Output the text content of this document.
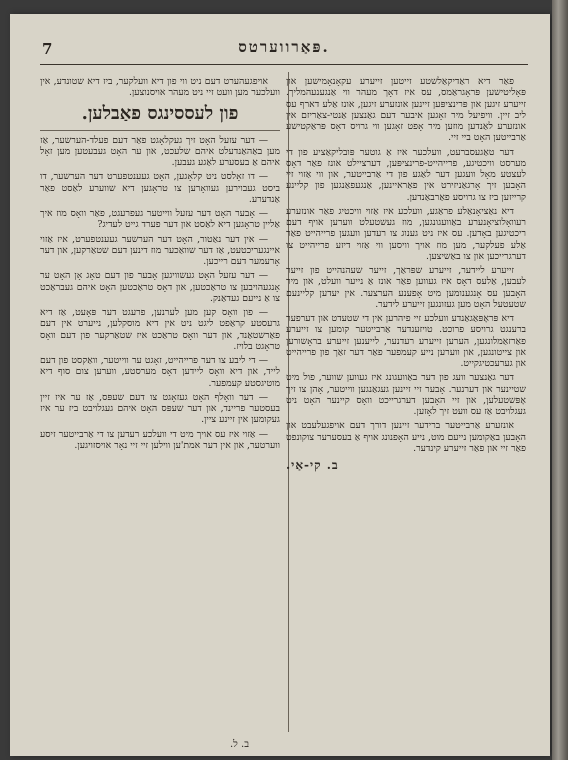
7	פּאַרווערטס.

פאַר דיא ראַדיקאַלשטע זייטען זייערע עקאָנאָמישען און פּאָליטישען פּראָגראַמס, עס איז דאָך מעהר ווי אַנגענעהמליך. זייערע זיגען און פּרינציפּען זיינען אונזערע זיגען, אונז אַלע דארף עס ליב זיין. וויפיעל מיר זאָגען איבער דעם גאַנצען אַנטי-צאַריזם אין אונזערע לאַנדען מוזען מיר אָפט זאָגען ווי גרויס דאָס פּראַקטישע אַרבייטען האָט ביי זיי.

דער טאַגעסברעט, וועלכער איז אַ גוטער פּובליקאַציע פון די מערסט וויכטיגע, פרייהייט-פרינציפּען, דערציילט אונז פאַר דאָס לעצטע מאָל וועגען דער לאַגע פון די אַרבייטער, און ווי אַזוי זיי האָבען זיך אָרגאַניזירט אין פאַראיינען, אַנגעפאַנגען פון קליינע קרייזען ביז צו גרויסע פאַרבאַנדען.

דיא נאַציאָנאַלע פראַגע, וועלכע איז אַזוי וויכטיג פאַר אונזערע רעוואָלוציאָנערע באַוועגונגען, מוז געשטעלט ווערען אויף דעם ריכטיגען באָדען. עס איז ניט גענוג צו רעדען וועגען פרייהייט פאַר אַלע פעלקער, מען מוז אויך וויסען ווי אַזוי דיזע פרייהייט צו דערגרייכען און צו באַשיצען.

זייערע ליידער, זייערע שפּראַך, זייער שעהנהייט פון זייער לעבען, אַלעס דאָס איז געווען פאַר אונז אַ נייער וועלט, און מיר האָבען עס אָנגענומען מיט אָפענע הערצער. אין יעדען קליינעם שטעטעל האָט מען געזונגען זייערע לידער.

דיא פּראָפּאַגאַנדע וועלכע זיי פיהרען אין די שטעדט און דערפער ברענגט גרויסע פרוכט. טויזענדער אַרבייטער קומען צו זייערע פאַרזאַמלונגען, הערען זייערע רעדנער, לייענען זייערע בראָשורען און צייטונגען, און ווערען נייע קעמפער פאַר דער זאַך פון פרייהייט און גערעכטיגקייט.

דער גאַנצער וועג פון דער באַוועגונג איז געווען שווער, פול מיט שטיינער און דערנער. אָבער זיי זיינען געגאַנגען ווייטער, אָהן צו זיך אָפּשטעלען, און זיי האָבען דערגרייכט וואָס קיינער האָט ניט געגלויבט אַז עס וועט זיך לאָזען.

אונזערע אַרבייטער ברידער זיינען דורך דעם אויפגעלעבט און האָבען באַקומען נייעם מוט, נייע האָפנונג אויף אַ בעסערער צוקונפט פאַר זיי און פאַר זייערע קינדער.

ב. קי-אַי.

אויפגעהערט דעם ניט ווי פון דיא וועלקער, ביז דיא שטונדע, אין וועלכער מען וועט זיי ניט מעהר אויסנוצען.

פון לעססינגס פאַבלען.

— דער עזעל האָט זיך געקלאָגט פאַר דעם פעלד-הערשער, אַז מען באַהאַנדעלט איהם שלעכט, און ער האָט געבעטען מען זאָל איהם אַ בעסערע לאַגע געבען.

— דו זאָלסט ניט קלאָגען, האָט געענטפערט דער הערשער, דו ביסט געבוירען געוואָרען צו טראָגען דיא שווערע לאַסט פאַר אַנדערע.

— אָבער האָט דער עזעל ווייטער געפרעגט, פאַר וואָס מוז איך אַליין טראָגען דיא לאַסט און דער פערד גייט לעדיג?

— אין דער נאַטור, האָט דער הערשער געענטפערט, איז אַזוי איינגעריכטעט, אַז דער שוואַכער מוז דינען דעם שטאַרקען, און דער אָרעמער דעם רייכען.

— דער עזעל האָט געשוויגען אָבער פון דעם טאָג אָן האָט ער אָנגעהויבען צו טראַכטען, און דאָס טראַכטען האָט איהם געבראַכט צו אַ נייעם געדאַנק.

— פון וואָס קען מען לערנען, פרעגט דער פּאָעט, אַז דיא גרעסטע קראַפט ליגט ניט אין דיא מוסקלען, נייערט אין דעם פאַרשטאַנד, און דער וואָס טראַכט איז שטאַרקער פון דעם וואָס טראָגט בלויז.

— די ליבע צו דער פרייהייט, זאָגט ער ווייטער, וואַקסט פון דעם לייד, און דיא וואָס ליידען דאָס מערסטע, ווערען צום סוף דיא מוטיגסטע קעמפער.

— דער וואָלף האָט געזאָגט צו דעם שעפּס, אַז ער איז זיין בעסטער פריינד, און דער שעפּס האָט איהם געגלויבט ביז ער איז געקומען אין זיינע ציין.

— אַזוי איז עס אויך מיט די וועלכע רעדען צו די אַרבייטער זיסע ווערטער, און אין דער אמת'ען ווילען זיי זיי נאָר אויסזויגען.

ב. ל.
